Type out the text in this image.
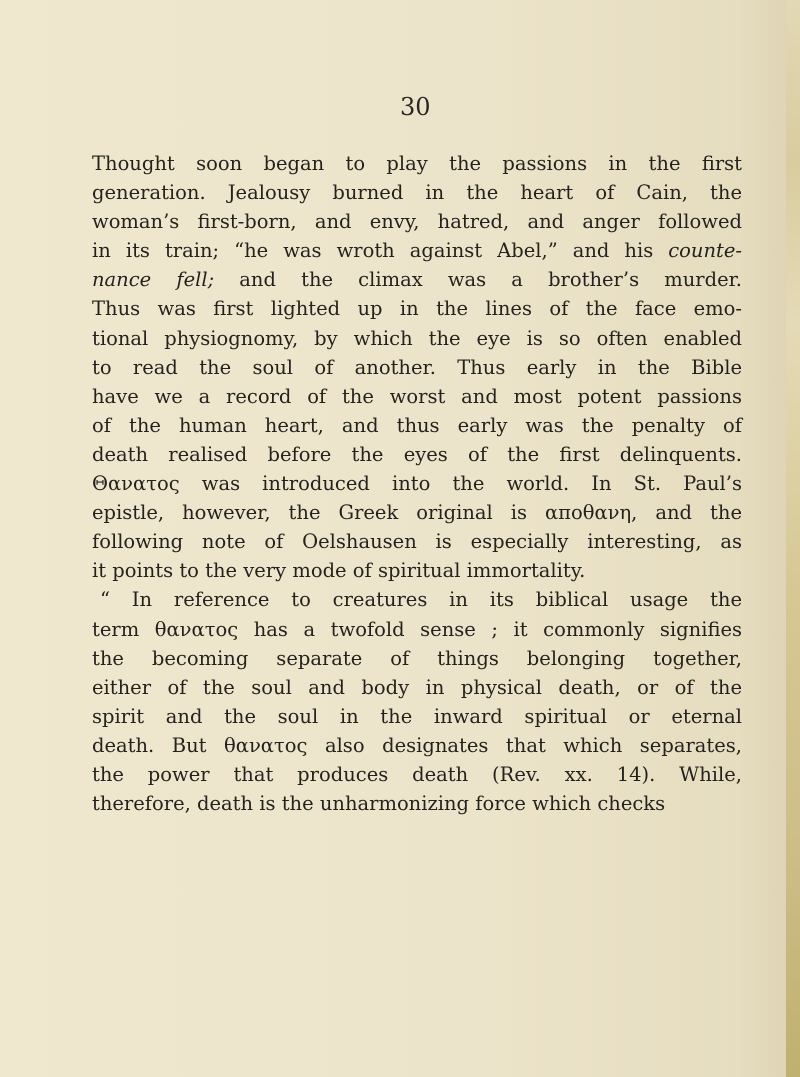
30

Thought soon began to play the passions in the first
generation. Jealousy burned in the heart of Cain, the
woman’s first-born, and envy, hatred, and anger followed
in its train; “he was wroth against Abel,” and his counte-
nance fell; and the climax was a brother’s murder.
Thus was first lighted up in the lines of the face emo-
tional physiognomy, by which the eye is so often enabled
to read the soul of another. Thus early in the Bible
have we a record of the worst and most potent passions
of the human heart, and thus early was the penalty of
death realised before the eyes of the first delinquents.
Θανατος was introduced into the world. In St. Paul’s
epistle, however, the Greek original is αποθανη, and the
following note of Oelshausen is especially interesting, as
it points to the very mode of spiritual immortality.
“ In reference to creatures in its biblical usage the
term θανατος has a twofold sense ; it commonly signifies
the becoming separate of things belonging together,
either of the soul and body in physical death, or of the
spirit and the soul in the inward spiritual or eternal
death. But θανατος also designates that which separates,
the power that produces death (Rev. xx. 14). While,
therefore, death is the unharmonizing force which checks
